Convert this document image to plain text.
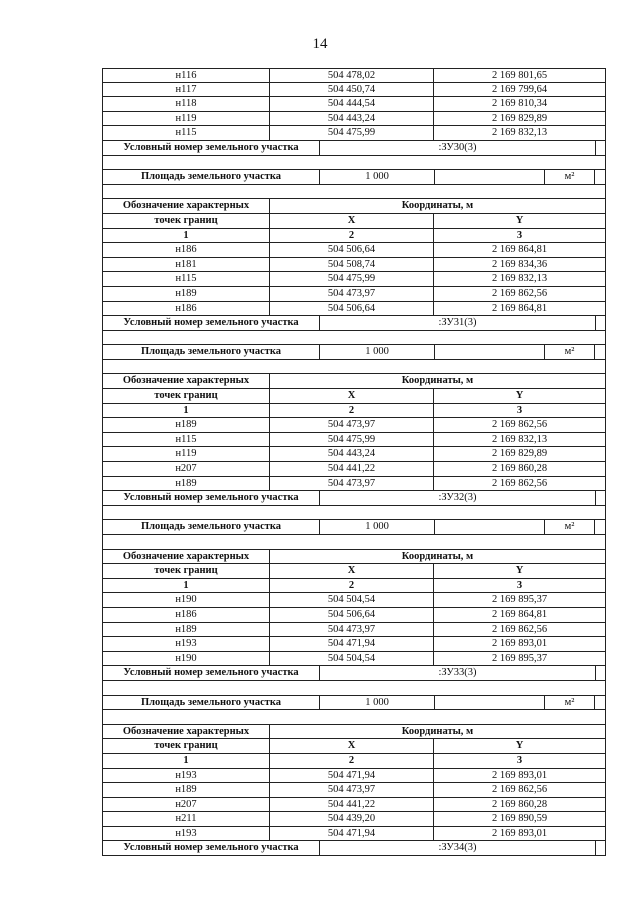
14
н116	504 478,02	2 169 801,65
н117	504 450,74	2 169 799,64
н118	504 444,54	2 169 810,34
н119	504 443,24	2 169 829,89
н115	504 475,99	2 169 832,13
Условный номер земельного участка	:ЗУ30(3)
Площадь земельного участка	1 000	м²
Обозначение характерных	Координаты, м
точек границ	X	Y
1	2	3
н186	504 506,64	2 169 864,81
н181	504 508,74	2 169 834,36
н115	504 475,99	2 169 832,13
н189	504 473,97	2 169 862,56
н186	504 506,64	2 169 864,81
Условный номер земельного участка	:ЗУ31(3)
Площадь земельного участка	1 000	м²
Обозначение характерных	Координаты, м
точек границ	X	Y
1	2	3
н189	504 473,97	2 169 862,56
н115	504 475,99	2 169 832,13
н119	504 443,24	2 169 829,89
н207	504 441,22	2 169 860,28
н189	504 473,97	2 169 862,56
Условный номер земельного участка	:ЗУ32(3)
Площадь земельного участка	1 000	м²
Обозначение характерных	Координаты, м
точек границ	X	Y
1	2	3
н190	504 504,54	2 169 895,37
н186	504 506,64	2 169 864,81
н189	504 473,97	2 169 862,56
н193	504 471,94	2 169 893,01
н190	504 504,54	2 169 895,37
Условный номер земельного участка	:ЗУ33(3)
Площадь земельного участка	1 000	м²
Обозначение характерных	Координаты, м
точек границ	X	Y
1	2	3
н193	504 471,94	2 169 893,01
н189	504 473,97	2 169 862,56
н207	504 441,22	2 169 860,28
н211	504 439,20	2 169 890,59
н193	504 471,94	2 169 893,01
Условный номер земельного участка	:ЗУ34(3)
